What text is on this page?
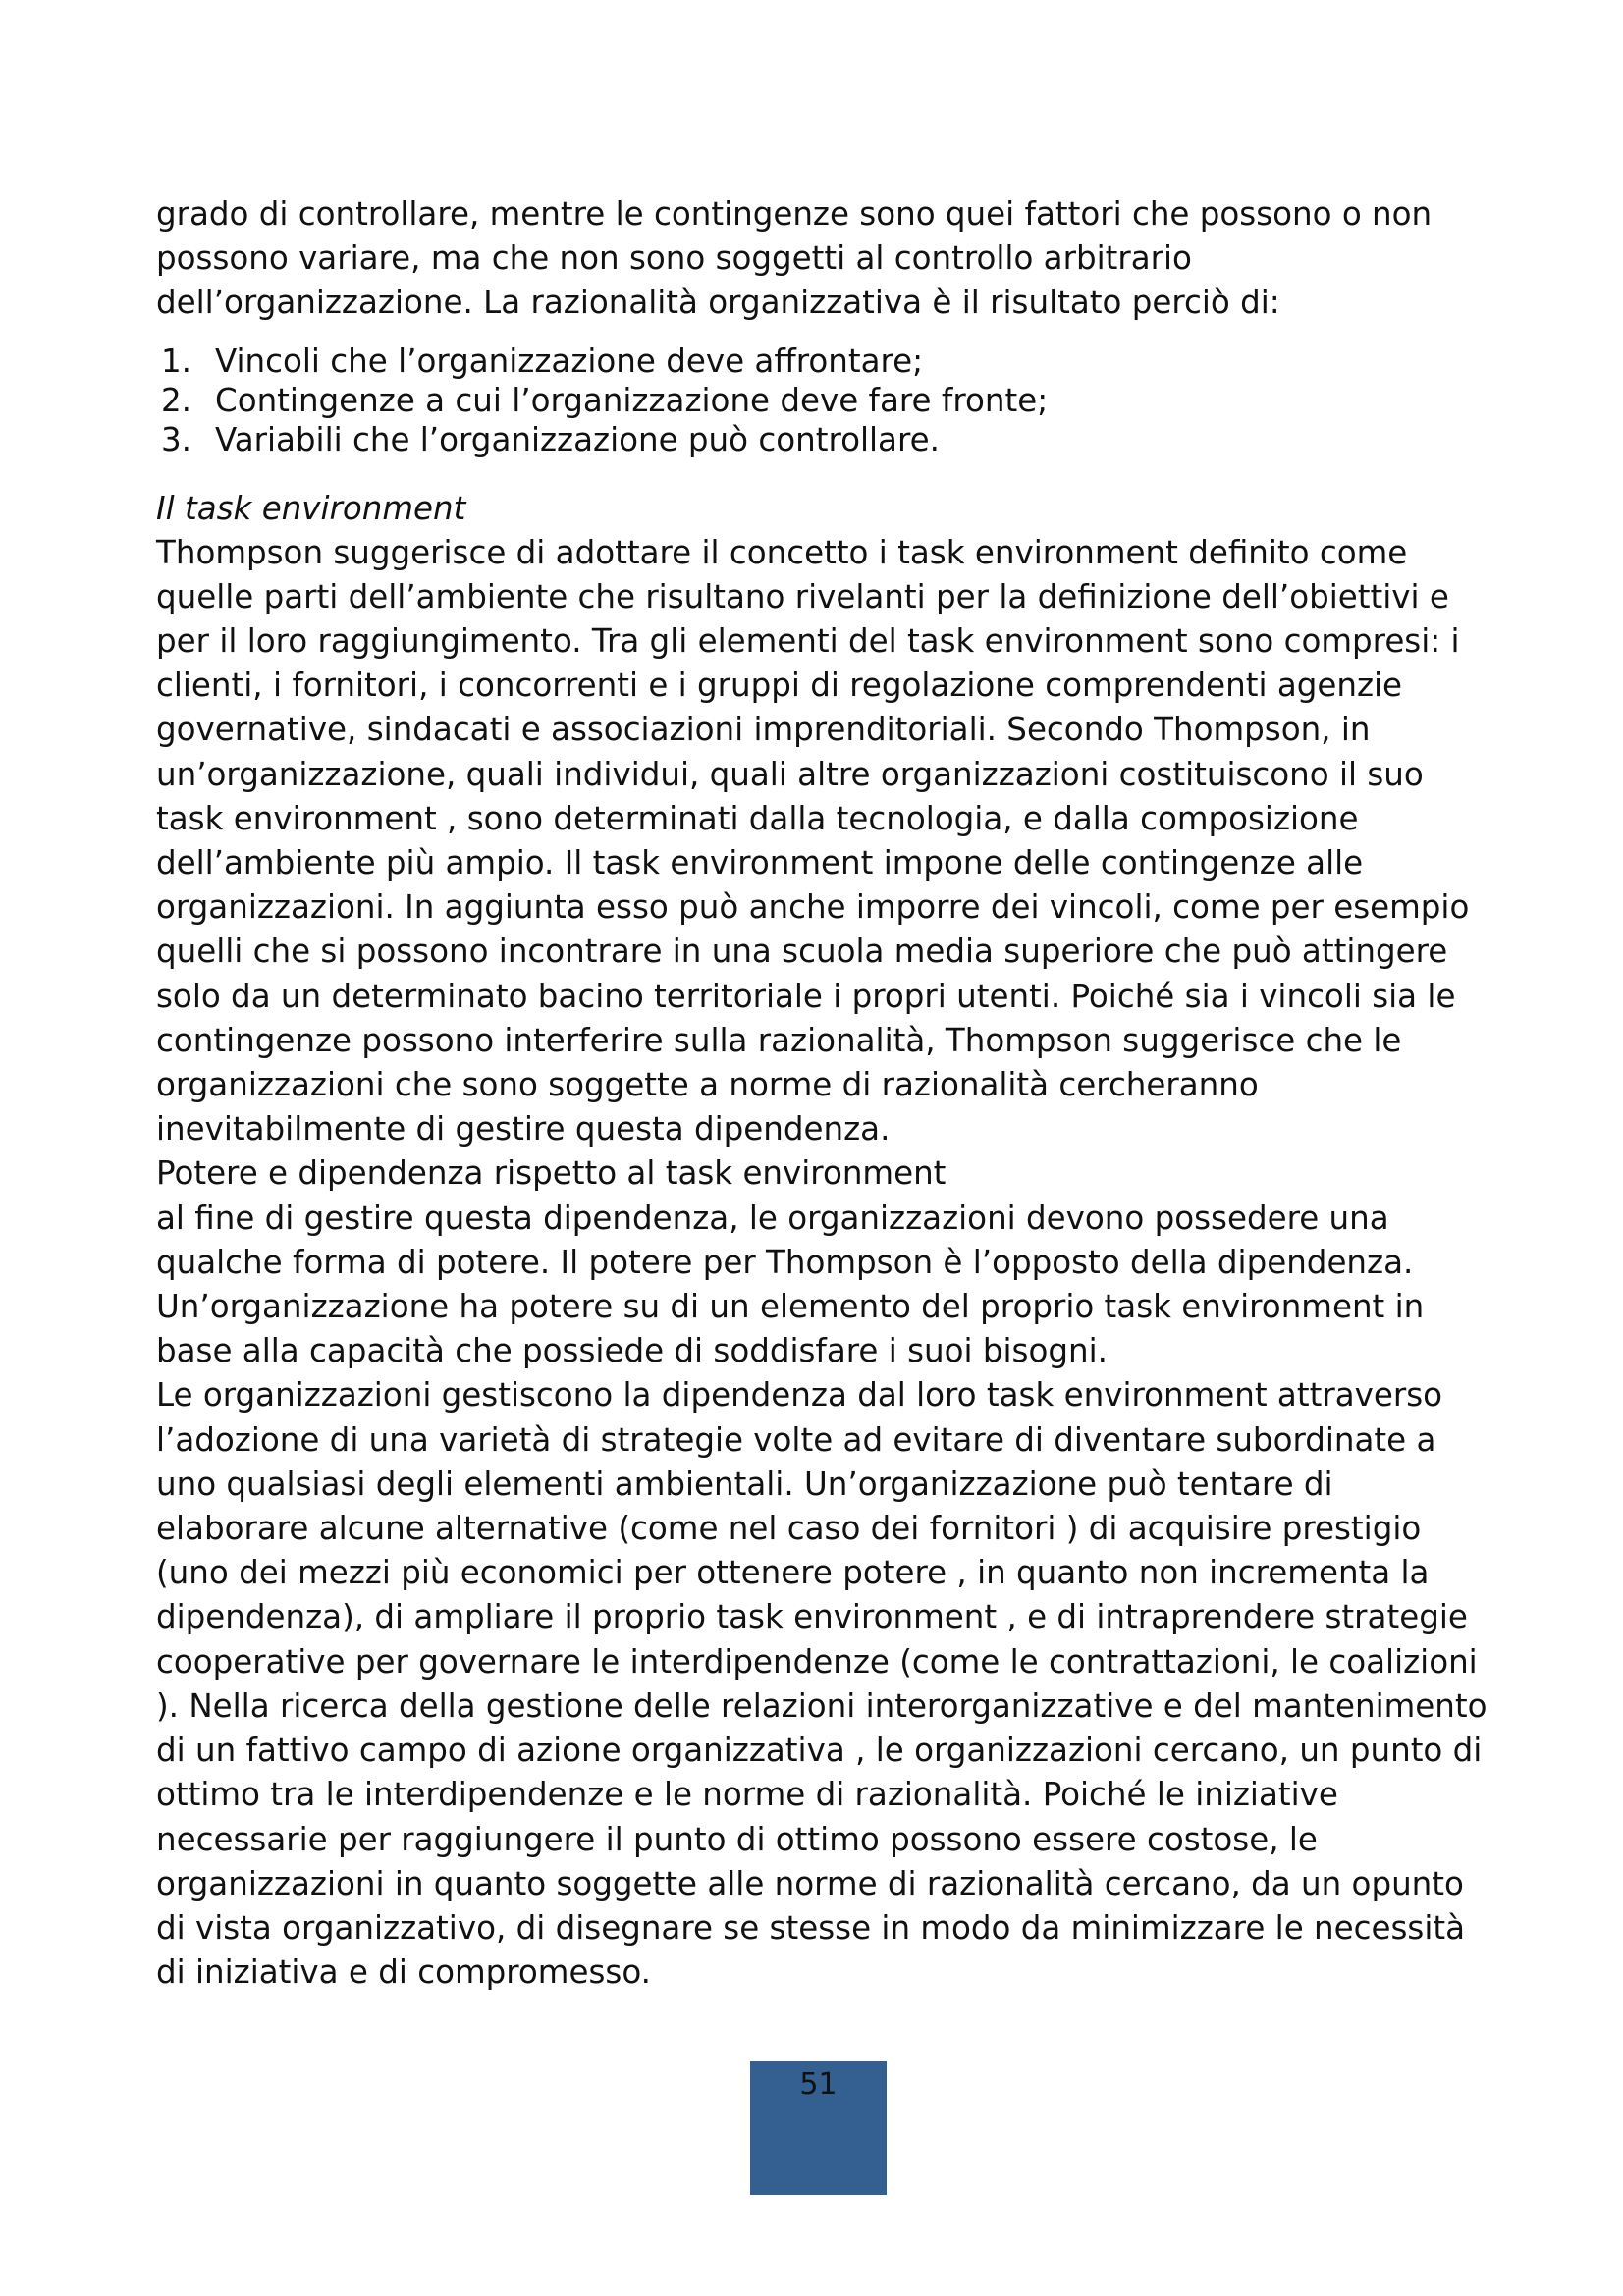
grado di controllare, mentre le contingenze sono quei fattori che possono o non possono variare, ma che non sono soggetti al controllo arbitrario dell’organizzazione. La razionalità organizzativa è il risultato perciò di:

1. Vincoli che l’organizzazione deve affrontare;
2. Contingenze a cui l’organizzazione deve fare fronte;
3. Variabili che l’organizzazione può controllare.

Il task environment

Thompson suggerisce di adottare il concetto i task environment definito come quelle parti dell’ambiente che risultano rivelanti per la definizione dell’obiettivi e per il loro raggiungimento. Tra gli elementi del task environment sono compresi: i clienti, i fornitori, i concorrenti e i gruppi di regolazione comprendenti agenzie governative, sindacati e associazioni imprenditoriali. Secondo Thompson, in un’organizzazione, quali individui, quali altre organizzazioni costituiscono il suo task environment , sono determinati dalla tecnologia, e dalla composizione dell’ambiente più ampio. Il task environment impone delle contingenze alle organizzazioni. In aggiunta esso può anche imporre dei vincoli, come per esempio quelli che si possono incontrare in una scuola media superiore che può attingere solo da un determinato bacino territoriale i propri utenti. Poiché sia i vincoli sia le contingenze possono interferire sulla razionalità, Thompson suggerisce che le organizzazioni che sono soggette a norme di razionalità cercheranno inevitabilmente di gestire questa dipendenza.

Potere e dipendenza rispetto al task environment

al fine di gestire questa dipendenza, le organizzazioni devono possedere una qualche forma di potere. Il potere per Thompson è l’opposto della dipendenza. Un’organizzazione ha potere su di un elemento del proprio task environment in base alla capacità che possiede di soddisfare i suoi bisogni.

Le organizzazioni gestiscono la dipendenza dal loro task environment attraverso l’adozione di una varietà di strategie volte ad evitare di diventare subordinate a uno qualsiasi degli elementi ambientali. Un’organizzazione può tentare di elaborare alcune alternative (come nel caso dei fornitori ) di acquisire prestigio (uno dei mezzi più economici per ottenere potere , in quanto non incrementa la dipendenza), di ampliare il proprio task environment , e di intraprendere strategie cooperative per governare le interdipendenze (come le contrattazioni, le coalizioni ). Nella ricerca della gestione delle relazioni interorganizzative e del mantenimento di un fattivo campo di azione organizzativa , le organizzazioni cercano, un punto di ottimo tra le interdipendenze e le norme di razionalità. Poiché le iniziative necessarie per raggiungere il punto di ottimo possono essere costose, le organizzazioni in quanto soggette alle norme di razionalità cercano, da un opunto di vista organizzativo, di disegnare se stesse in modo da minimizzare le necessità di iniziativa e di compromesso.

51
